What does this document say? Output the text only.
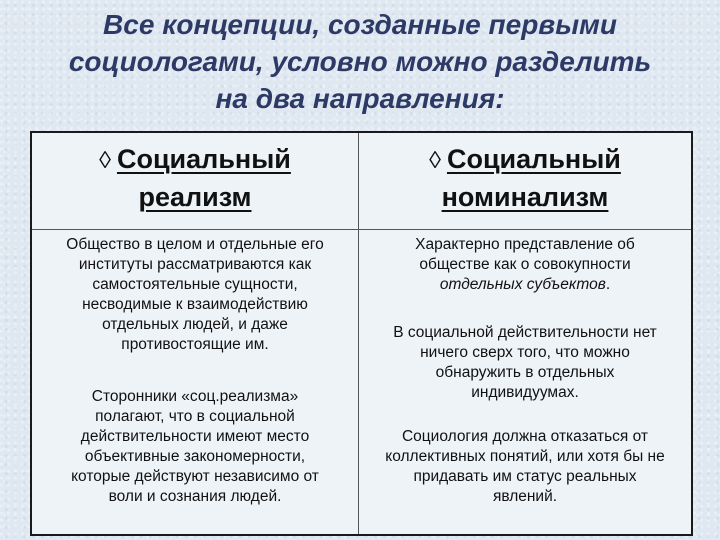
Все концепции, созданные первыми
социологами, условно можно разделить
на два направления:
◊ Социальный
реализм
◊ Социальный
номинализм

Общество в целом и отдельные его
институты рассматриваются как
самостоятельные сущности,
несводимые к взаимодействию
отдельных людей, и даже
противостоящие им.

Сторонники «соц.реализма»
полагают, что в социальной
действительности имеют место
объективные закономерности,
которые действуют независимо от
воли и сознания людей.

Характерно представление об
обществе как о совокупности
отдельных субъектов.

В социальной действительности нет
ничего сверх того, что можно
обнаружить в отдельных
индивидуумах.

Социология должна отказаться от
коллективных понятий, или хотя бы не
придавать им статус реальных
явлений.
